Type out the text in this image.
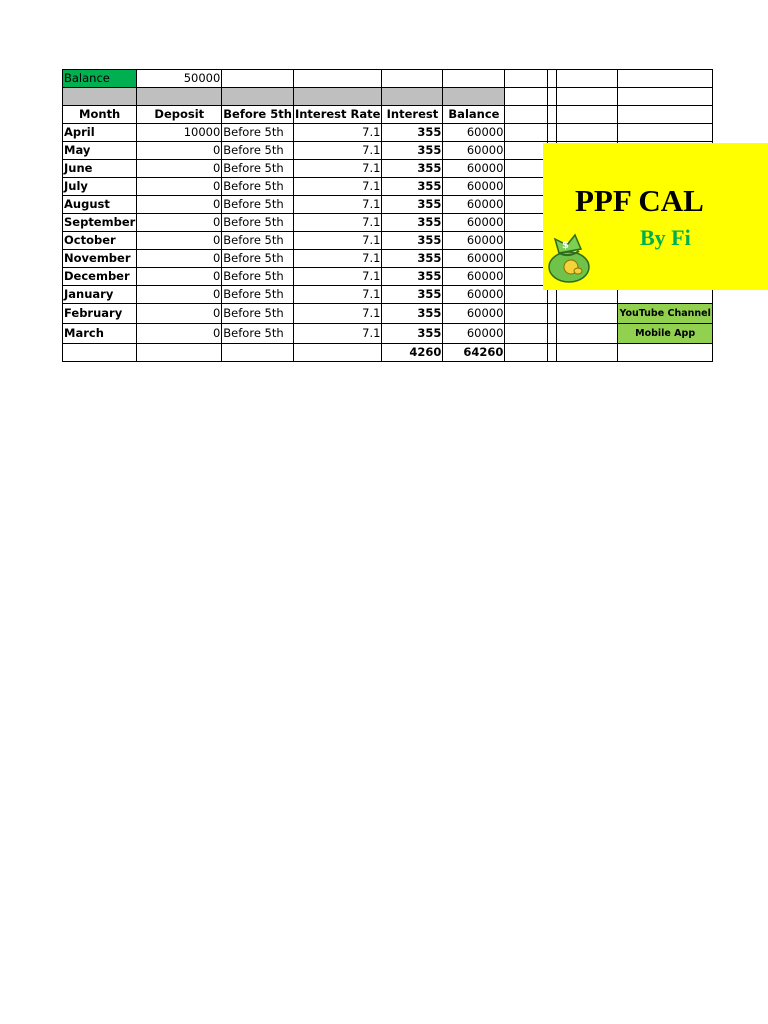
Balance	50000								

Month	Deposit	Before 5th	Interest Rate	Interest	Balance				
April	10000	Before 5th	7.1	355	60000				
May	0	Before 5th	7.1	355	60000				
June	0	Before 5th	7.1	355	60000				
July	0	Before 5th	7.1	355	60000				
August	0	Before 5th	7.1	355	60000				
September	0	Before 5th	7.1	355	60000				
October	0	Before 5th	7.1	355	60000				
November	0	Before 5th	7.1	355	60000				
December	0	Before 5th	7.1	355	60000				
January	0	Before 5th	7.1	355	60000				
February	0	Before 5th	7.1	355	60000				YouTube Channel
March	0	Before 5th	7.1	355	60000				Mobile App
				4260	64260				
PPF CAL
By Fi
$
